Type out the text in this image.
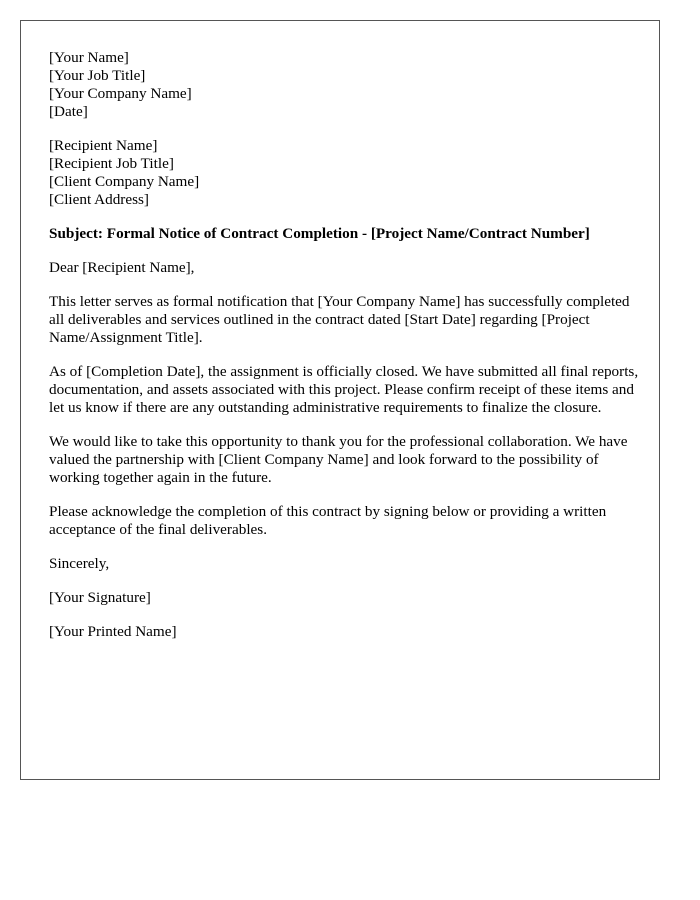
[Your Name]
[Your Job Title]
[Your Company Name]
[Date]
[Recipient Name]
[Recipient Job Title]
[Client Company Name]
[Client Address]
Subject: Formal Notice of Contract Completion - [Project Name/Contract Number]

Dear [Recipient Name],

This letter serves as formal notification that [Your Company Name] has successfully completed all deliverables and services outlined in the contract dated [Start Date] regarding [Project Name/Assignment Title].

As of [Completion Date], the assignment is officially closed. We have submitted all final reports, documentation, and assets associated with this project. Please confirm receipt of these items and let us know if there are any outstanding administrative requirements to finalize the closure.

We would like to take this opportunity to thank you for the professional collaboration. We have valued the partnership with [Client Company Name] and look forward to the possibility of working together again in the future.

Please acknowledge the completion of this contract by signing below or providing a written acceptance of the final deliverables.

Sincerely,

[Your Signature]

[Your Printed Name]
